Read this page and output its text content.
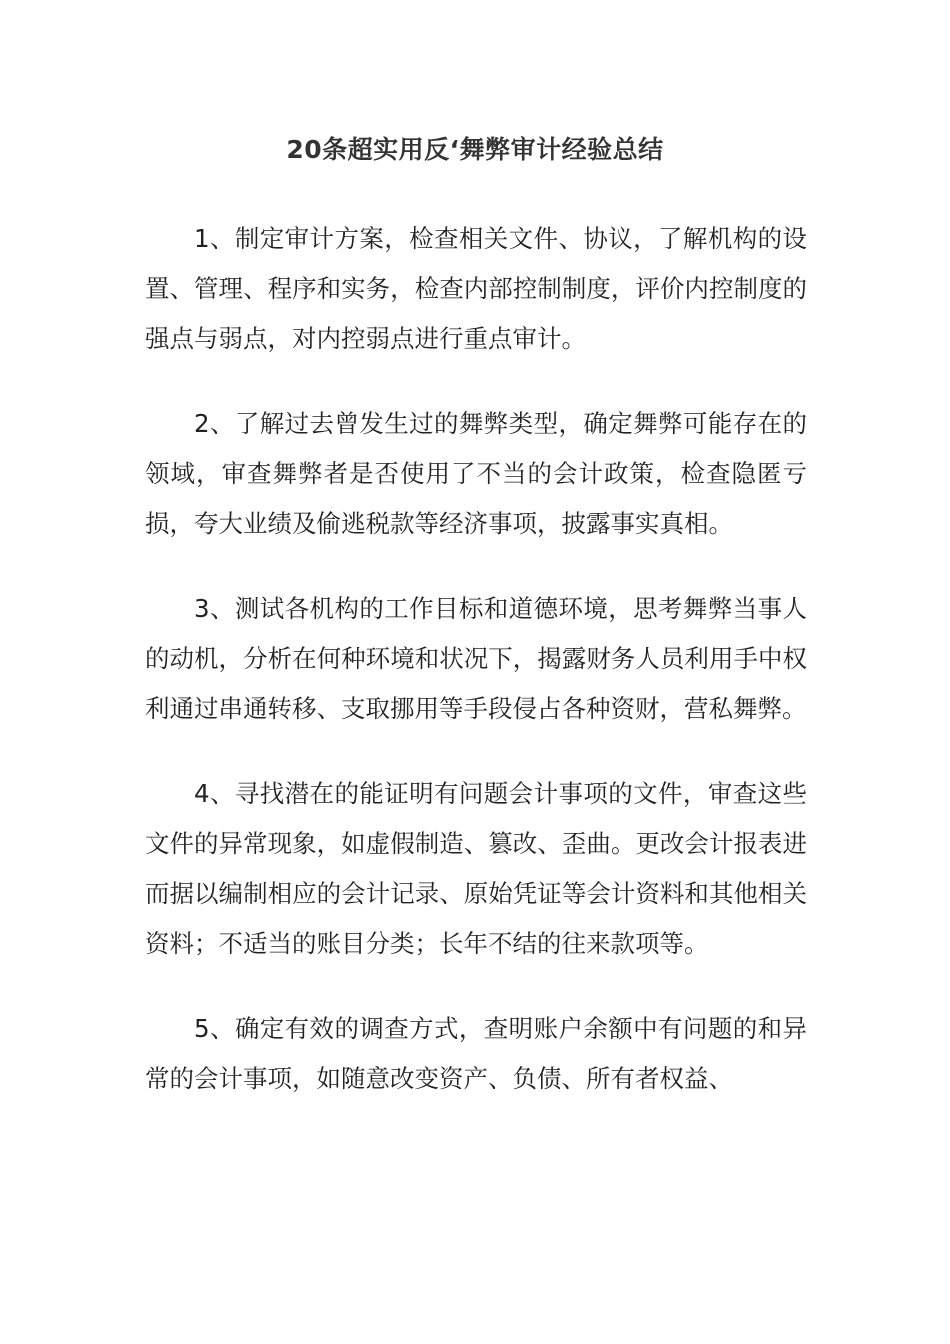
20条超实用反‘舞弊审计经验总结

1、制定审计方案，检查相关文件、协议，了解机构的设置、管理、程序和实务，检查内部控制制度，评价内控制度的强点与弱点，对内控弱点进行重点审计。

2、了解过去曾发生过的舞弊类型，确定舞弊可能存在的领域，审查舞弊者是否使用了不当的会计政策，检查隐匿亏损，夸大业绩及偷逃税款等经济事项，披露事实真相。

3、测试各机构的工作目标和道德环境，思考舞弊当事人的动机，分析在何种环境和状况下，揭露财务人员利用手中权利通过串通转移、支取挪用等手段侵占各种资财，营私舞弊。

4、寻找潜在的能证明有问题会计事项的文件，审查这些文件的异常现象，如虚假制造、篡改、歪曲。更改会计报表进而据以编制相应的会计记录、原始凭证等会计资料和其他相关资料；不适当的账目分类；长年不结的往来款项等。

5、确定有效的调查方式，查明账户余额中有问题的和异常的会计事项，如随意改变资产、负债、所有者权益、
